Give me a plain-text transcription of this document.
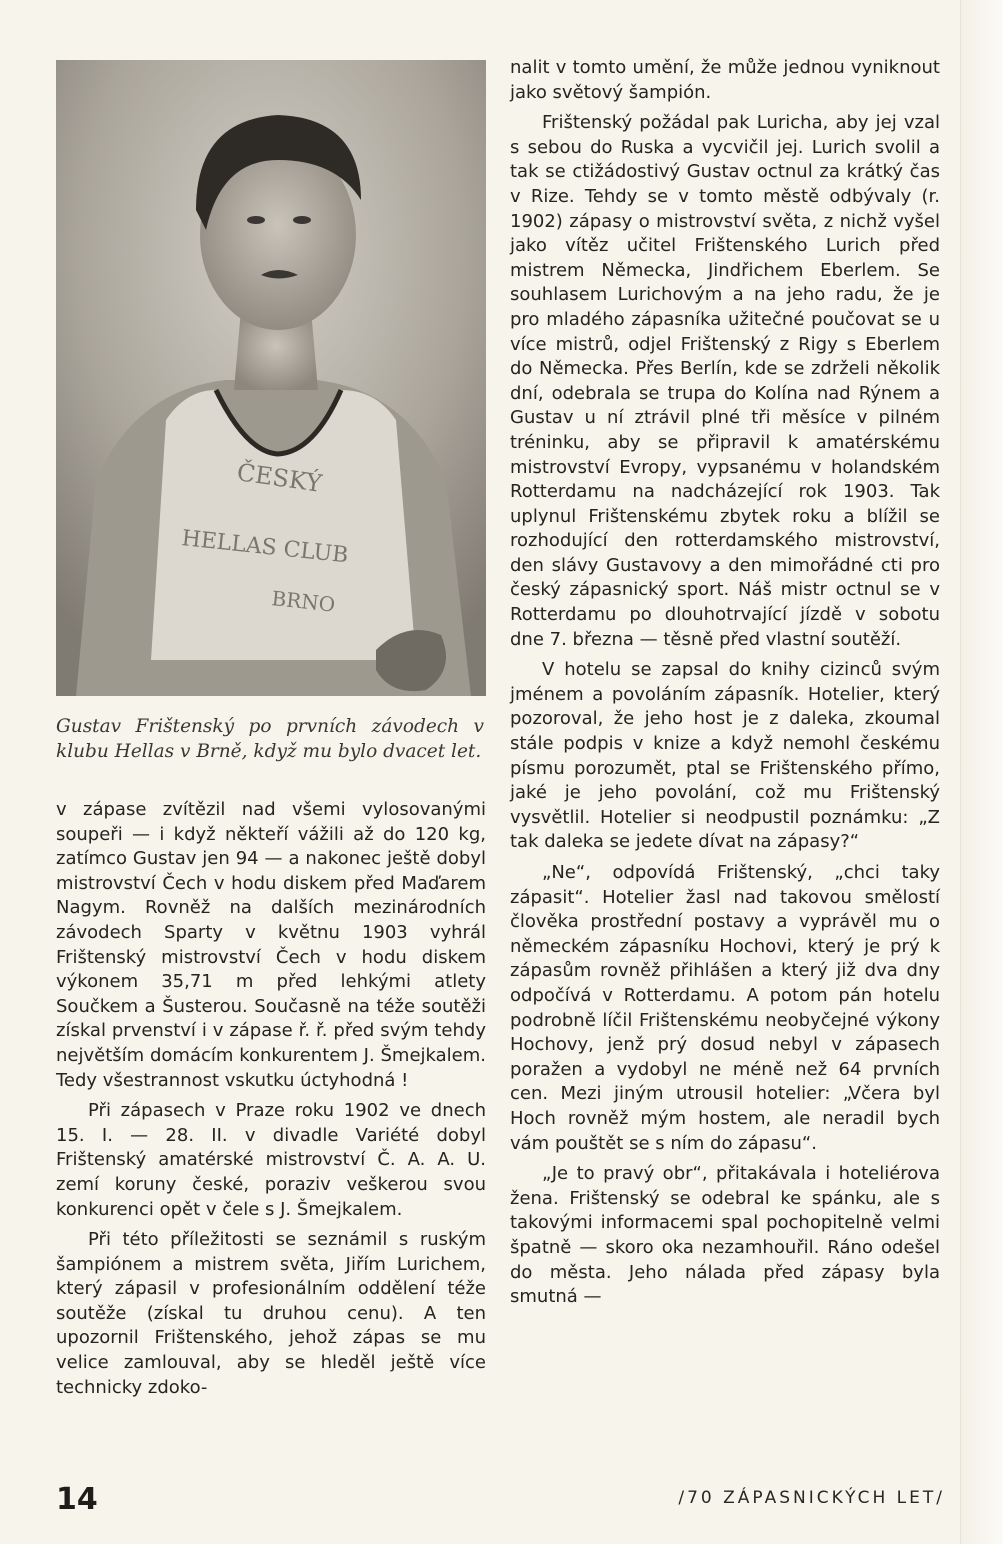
ČESKÝ
HELLAS CLUB
BRNO

Gustav Frištenský po prvních závodech v klubu Hellas v Brně, když mu bylo dvacet let.

v zápase zvítězil nad všemi vylosovanými soupeři — i když někteří vážili až do 120 kg, zatímco Gustav jen 94 — a nakonec ještě dobyl mistrovství Čech v hodu diskem před Maďarem Nagym. Rovněž na dalších mezinárodních závodech Sparty v květnu 1903 vyhrál Frištenský mistrovství Čech v hodu diskem výkonem 35,71 m před lehkými atlety Součkem a Šusterou. Současně na téže soutěži získal prvenství i v zápase ř. ř. před svým tehdy největším domácím konkurentem J. Šmejkalem. Tedy všestrannost vskutku úctyhodná !

Při zápasech v Praze roku 1902 ve dnech 15. I. — 28. II. v divadle Variété dobyl Frištenský amatérské mistrovství Č. A. A. U. zemí koruny české, poraziv veškerou svou konkurenci opět v čele s J. Šmejkalem.

Při této příležitosti se seznámil s ruským šampiónem a mistrem světa, Jiřím Lurichem, který zápasil v profesionálním oddělení téže soutěže (získal tu druhou cenu). A ten upozornil Frištenského, jehož zápas se mu velice zamlouval, aby se hleděl ještě více technicky zdoko-

nalit v tomto umění, že může jednou vyniknout jako světový šampión.

Frištenský požádal pak Luricha, aby jej vzal s sebou do Ruska a vycvičil jej. Lurich svolil a tak se ctižádostivý Gustav octnul za krátký čas v Rize. Tehdy se v tomto městě odbývaly (r. 1902) zápasy o mistrovství světa, z nichž vyšel jako vítěz učitel Frištenského Lurich před mistrem Německa, Jindřichem Eberlem. Se souhlasem Lurichovým a na jeho radu, že je pro mladého zápasníka užitečné poučovat se u více mistrů, odjel Frištenský z Rigy s Eberlem do Německa. Přes Berlín, kde se zdrželi několik dní, odebrala se trupa do Kolína nad Rýnem a Gustav u ní ztrávil plné tři měsíce v pilném tréninku, aby se připravil k amatérskému mistrovství Evropy, vypsanému v holandském Rotterdamu na nadcházející rok 1903. Tak uplynul Frištenskému zbytek roku a blížil se rozhodující den rotterdamského mistrovství, den slávy Gustavovy a den mimořádné cti pro český zápasnický sport. Náš mistr octnul se v Rotterdamu po dlouhotrvající jízdě v sobotu dne 7. března — těsně před vlastní soutěží.

V hotelu se zapsal do knihy cizinců svým jménem a povoláním zápasník. Hotelier, který pozoroval, že jeho host je z daleka, zkoumal stále podpis v knize a když nemohl českému písmu porozumět, ptal se Frištenského přímo, jaké je jeho povolání, což mu Frištenský vysvětlil. Hotelier si neodpustil poznámku: „Z tak daleka se jedete dívat na zápasy?“

„Ne“, odpovídá Frištenský, „chci taky zápasit“. Hotelier žasl nad takovou smělostí člověka prostřední postavy a vyprávěl mu o německém zápasníku Hochovi, který je prý k zápasům rovněž přihlášen a který již dva dny odpočívá v Rotterdamu. A potom pán hotelu podrobně líčil Frištenskému neobyčejné výkony Hochovy, jenž prý dosud nebyl v zápasech poražen a vydobyl ne méně než 64 prvních cen. Mezi jiným utrousil hotelier: „Včera byl Hoch rovněž mým hostem, ale neradil bych vám pouštět se s ním do zápasu“.

„Je to pravý obr“, přitakávala i hoteliérova žena. Frištenský se odebral ke spánku, ale s takovými informacemi spal pochopitelně velmi špatně — skoro oka nezamhouřil. Ráno odešel do města. Jeho nálada před zápasy byla smutná —

14	/70 ZÁPASNICKÝCH LET/
